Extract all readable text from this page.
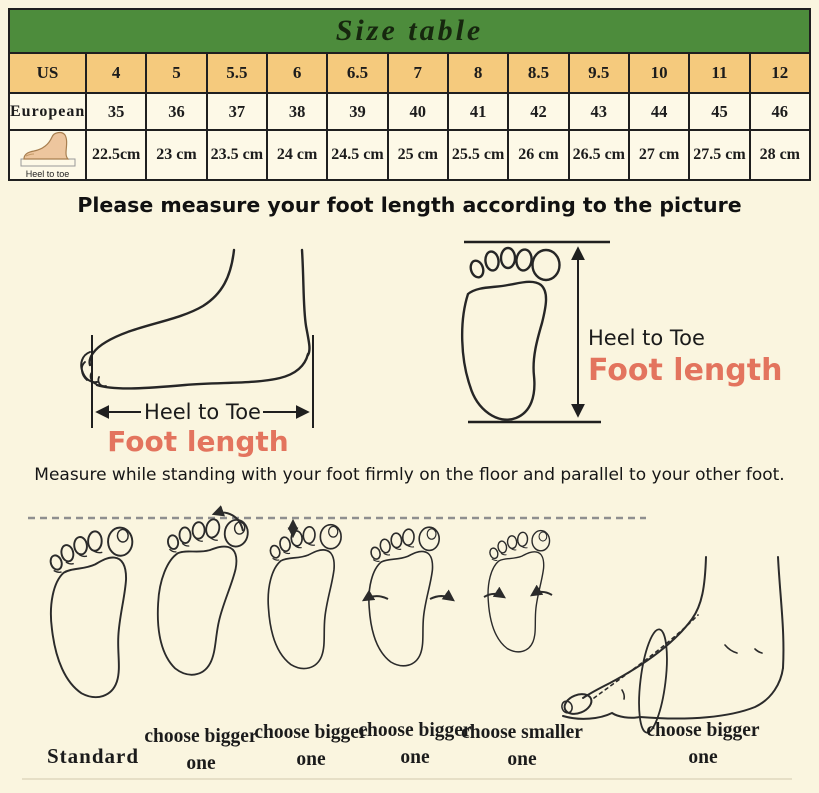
Size table												
US	4	5	5.5	6	6.5	7	8	8.5	9.5	10	11	12
European	35	36	37	38	39	40	41	42	43	44	45	46

Heel to toe	22.5cm	23 cm	23.5 cm	24 cm	24.5 cm	25 cm	25.5 cm	26 cm	26.5 cm	27 cm	27.5 cm	28 cm
Please measure your foot length according to the picture
Heel to Toe
Foot length
Heel to Toe
Foot length
Measure while standing with your foot firmly on the floor and parallel to your other foot.
Standard
choose bigger one
choose bigger one
choose bigger one
choose smaller one
choose bigger one
